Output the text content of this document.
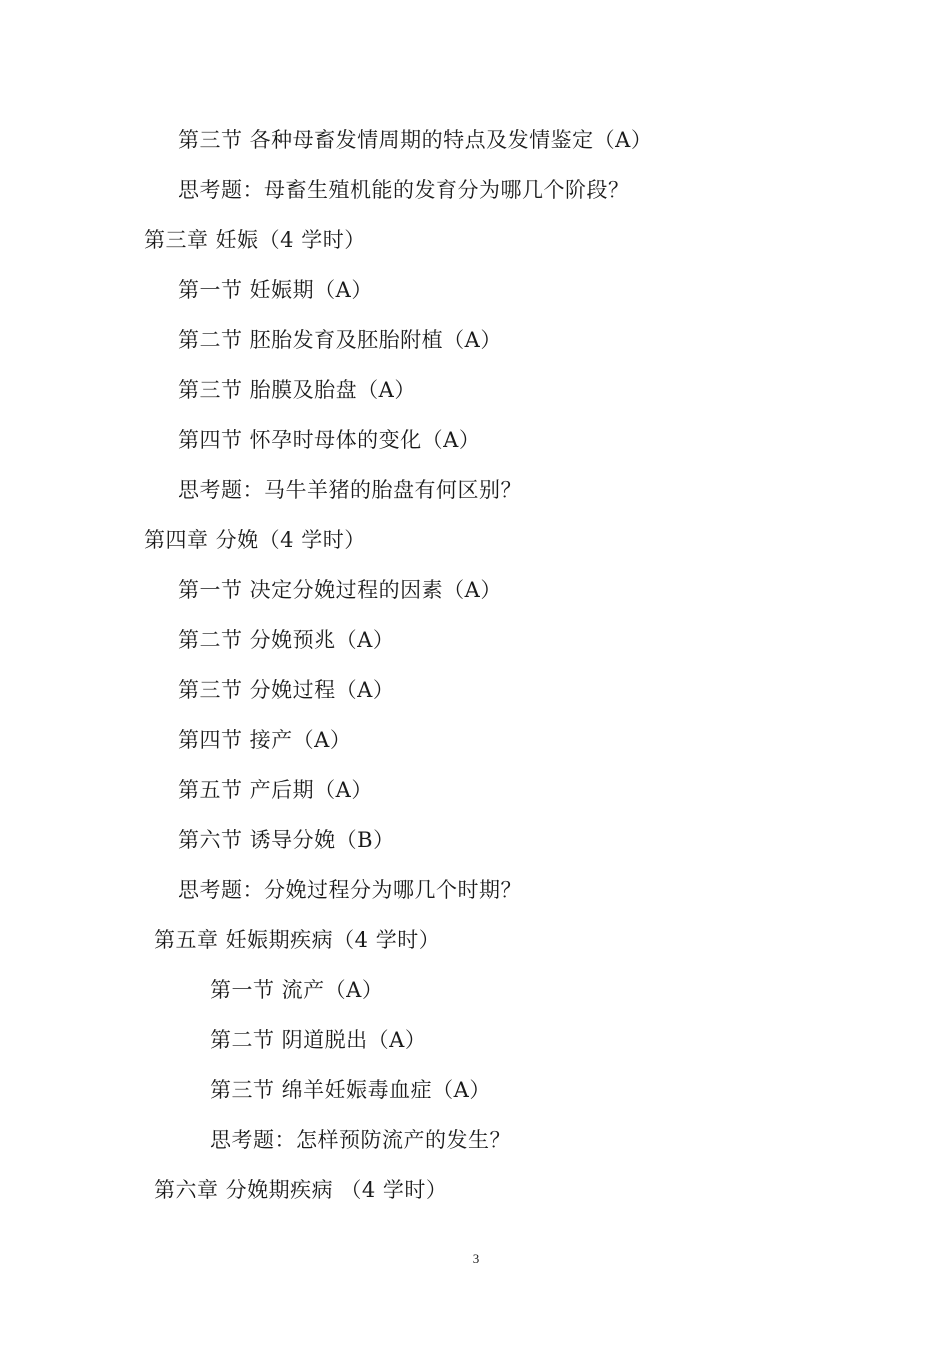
第三节 各种母畜发情周期的特点及发情鉴定（A）
思考题：母畜生殖机能的发育分为哪几个阶段？
第三章 妊娠（4 学时）
第一节 妊娠期（A）
第二节 胚胎发育及胚胎附植（A）
第三节 胎膜及胎盘（A）
第四节 怀孕时母体的变化（A）
思考题：马牛羊猪的胎盘有何区别？
第四章 分娩（4 学时）
第一节 决定分娩过程的因素（A）
第二节 分娩预兆（A）
第三节 分娩过程（A）
第四节 接产（A）
第五节 产后期（A）
第六节 诱导分娩（B）
思考题：分娩过程分为哪几个时期？
第五章 妊娠期疾病（4 学时）
第一节 流产（A）
第二节 阴道脱出（A）
第三节 绵羊妊娠毒血症（A）
思考题：怎样预防流产的发生？
第六章 分娩期疾病 （4 学时）
3
